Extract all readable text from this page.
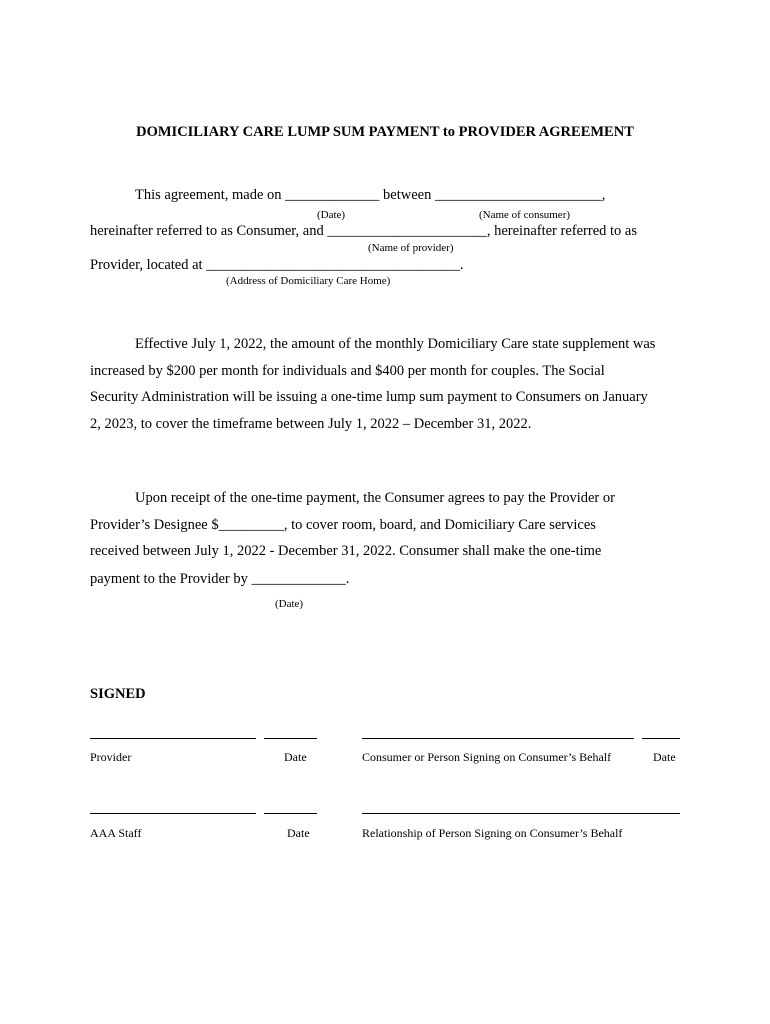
DOMICILIARY CARE LUMP SUM PAYMENT to PROVIDER AGREEMENT
This agreement, made on _____________ between _______________________,
(Date)	(Name of consumer)
hereinafter referred to as Consumer, and ______________________, hereinafter referred to as
(Name of provider)
Provider, located at ___________________________________.
(Address of Domiciliary Care Home)
Effective July 1, 2022, the amount of the monthly Domiciliary Care state supplement was
increased by $200 per month for individuals and $400 per month for couples. The Social
Security Administration will be issuing a one-time lump sum payment to Consumers on January
2, 2023, to cover the timeframe between July 1, 2022 – December 31, 2022.
Upon receipt of the one-time payment, the Consumer agrees to pay the Provider or
Provider’s Designee $_________, to cover room, board, and Domiciliary Care services
received between July 1, 2022 - December 31, 2022. Consumer shall make the one-time
payment to the Provider by _____________.
(Date)
SIGNED
Provider	Date	Consumer or Person Signing on Consumer’s Behalf	Date
AAA Staff	Date	Relationship of Person Signing on Consumer’s Behalf
